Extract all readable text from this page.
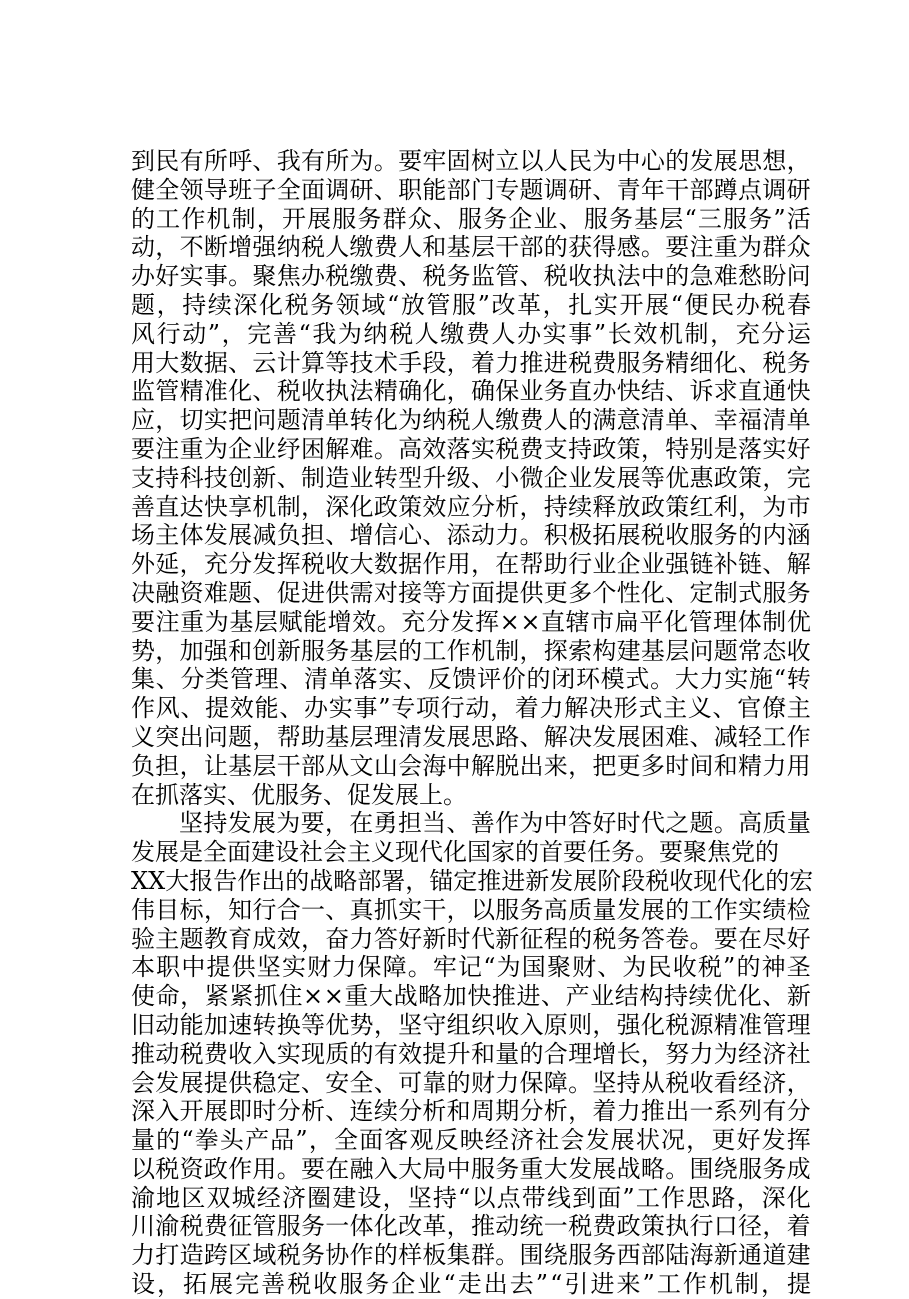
到 民 有 所 呼 、 我 有 所 为 。 要 牢 固 树 立 以 人 民 为 中 心 的 发 展 思 想 ，
健 全 领 导 班 子 全 面 调 研 、 职 能 部 门 专 题 调 研 、 青 年 干 部 蹲 点 调 研
的 工 作 机 制 ， 开 展 服 务 群 众 、 服 务 企 业 、 服 务 基 层 “ 三 服 务 ” 活
动 ， 不 断 增 强 纳 税 人 缴 费 人 和 基 层 干 部 的 获 得 感 。 要 注 重 为 群 众
办 好 实 事 。 聚 焦 办 税 缴 费 、 税 务 监 管 、 税 收 执 法 中 的 急 难 愁 盼 问
题 ， 持 续 深 化 税 务 领 域 “ 放 管 服 ” 改 革 ， 扎 实 开 展 “ 便 民 办 税 春
风 行 动 ” ， 完 善 “ 我 为 纳 税 人 缴 费 人 办 实 事 ” 长 效 机 制 ， 充 分 运
用 大 数 据 、 云 计 算 等 技 术 手 段 ， 着 力 推 进 税 费 服 务 精 细 化 、 税 务
监 管 精 准 化 、 税 收 执 法 精 确 化 ， 确 保 业 务 直 办 快 结 、 诉 求 直 通 快
应 ， 切 实 把 问 题 清 单 转 化 为 纳 税 人 缴 费 人 的 满 意 清 单 、 幸 福 清 单
要 注 重 为 企 业 纾 困 解 难 。 高 效 落 实 税 费 支 持 政 策 ， 特 别 是 落 实 好
支 持 科 技 创 新 、 制 造 业 转 型 升 级 、 小 微 企 业 发 展 等 优 惠 政 策 ， 完
善 直 达 快 享 机 制 ， 深 化 政 策 效 应 分 析 ， 持 续 释 放 政 策 红 利 ， 为 市
场 主 体 发 展 减 负 担 、 增 信 心 、 添 动 力 。 积 极 拓 展 税 收 服 务 的 内 涵
外 延 ， 充 分 发 挥 税 收 大 数 据 作 用 ， 在 帮 助 行 业 企 业 强 链 补 链 、 解
决 融 资 难 题 、 促 进 供 需 对 接 等 方 面 提 供 更 多 个 性 化 、 定 制 式 服 务
要 注 重 为 基 层 赋 能 增 效 。 充 分 发 挥 × × 直 辖 市 扁 平 化 管 理 体 制 优
势 ， 加 强 和 创 新 服 务 基 层 的 工 作 机 制 ， 探 索 构 建 基 层 问 题 常 态 收
集 、 分 类 管 理 、 清 单 落 实 、 反 馈 评 价 的 闭 环 模 式 。 大 力 实 施 “ 转
作 风 、 提 效 能 、 办 实 事 ” 专 项 行 动 ， 着 力 解 决 形 式 主 义 、 官 僚 主
义 突 出 问 题 ， 帮 助 基 层 理 清 发 展 思 路 、 解 决 发 展 困 难 、 减 轻 工 作
负 担 ， 让 基 层 干 部 从 文 山 会 海 中 解 脱 出 来 ， 把 更 多 时 间 和 精 力 用
在抓落实、优服务、促发展上。
坚 持 发 展 为 要 ， 在 勇 担 当 、 善 作 为 中 答 好 时 代 之 题 。 高 质 量
发展是全面建设社会主义现代化国家的首要任务。要聚焦党的
X X 大 报 告 作 出 的 战 略 部 署 ， 锚 定 推 进 新 发 展 阶 段 税 收 现 代 化 的 宏
伟 目 标 ， 知 行 合 一 、 真 抓 实 干 ， 以 服 务 高 质 量 发 展 的 工 作 实 绩 检
验 主 题 教 育 成 效 ， 奋 力 答 好 新 时 代 新 征 程 的 税 务 答 卷 。 要 在 尽 好
本 职 中 提 供 坚 实 财 力 保 障 。 牢 记 “ 为 国 聚 财 、 为 民 收 税 ” 的 神 圣
使 命 ， 紧 紧 抓 住 × × 重 大 战 略 加 快 推 进 、 产 业 结 构 持 续 优 化 、 新
旧 动 能 加 速 转 换 等 优 势 ， 坚 守 组 织 收 入 原 则 ， 强 化 税 源 精 准 管 理
推 动 税 费 收 入 实 现 质 的 有 效 提 升 和 量 的 合 理 增 长 ， 努 力 为 经 济 社
会 发 展 提 供 稳 定 、 安 全 、 可 靠 的 财 力 保 障 。 坚 持 从 税 收 看 经 济 ，
深 入 开 展 即 时 分 析 、 连 续 分 析 和 周 期 分 析 ， 着 力 推 出 一 系 列 有 分
量 的 “ 拳 头 产 品 ” ， 全 面 客 观 反 映 经 济 社 会 发 展 状 况 ， 更 好 发 挥
以 税 资 政 作 用 。 要 在 融 入 大 局 中 服 务 重 大 发 展 战 略 。 围 绕 服 务 成
渝 地 区 双 城 经 济 圈 建 设 ， 坚 持 “ 以 点 带 线 到 面 ” 工 作 思 路 ， 深 化
川 渝 税 费 征 管 服 务 一 体 化 改 革 ， 推 动 统 一 税 费 政 策 执 行 口 径 ， 着
力 打 造 跨 区 域 税 务 协 作 的 样 板 集 群 。 围 绕 服 务 西 部 陆 海 新 通 道 建
设 ， 拓 展 完 善 税 收 服 务 企 业 “ 走 出 去 ” “ 引 进 来 ” 工 作 机 制 ， 提
